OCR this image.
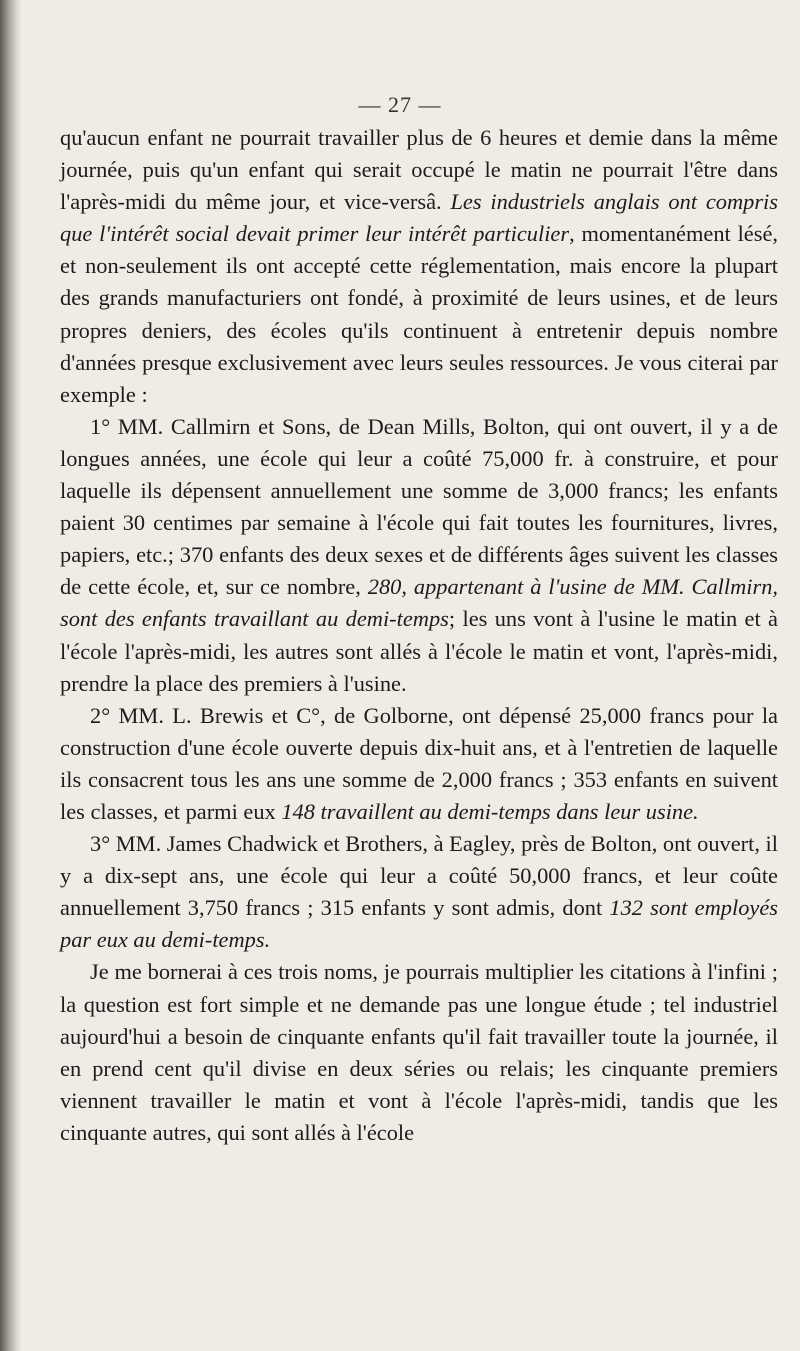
— 27 —

qu'aucun enfant ne pourrait travailler plus de 6 heures et demie dans la même journée, puis qu'un enfant qui serait occupé le matin ne pourrait l'être dans l'après-midi du même jour, et vice-versâ. Les industriels anglais ont compris que l'intérêt social devait primer leur intérêt particulier, momentanément lésé, et non-seulement ils ont accepté cette réglementation, mais encore la plupart des grands manufacturiers ont fondé, à proximité de leurs usines, et de leurs propres deniers, des écoles qu'ils continuent à entretenir depuis nombre d'années presque exclusivement avec leurs seules ressources. Je vous citerai par exemple :

1° MM. Callmirn et Sons, de Dean Mills, Bolton, qui ont ouvert, il y a de longues années, une école qui leur a coûté 75,000 fr. à construire, et pour laquelle ils dépensent annuellement une somme de 3,000 francs; les enfants paient 30 centimes par semaine à l'école qui fait toutes les fournitures, livres, papiers, etc.; 370 enfants des deux sexes et de différents âges suivent les classes de cette école, et, sur ce nombre, 280, appartenant à l'usine de MM. Callmirn, sont des enfants travaillant au demi-temps; les uns vont à l'usine le matin et à l'école l'après-midi, les autres sont allés à l'école le matin et vont, l'après-midi, prendre la place des premiers à l'usine.

2° MM. L. Brewis et C°, de Golborne, ont dépensé 25,000 francs pour la construction d'une école ouverte depuis dix-huit ans, et à l'entretien de laquelle ils consacrent tous les ans une somme de 2,000 francs ; 353 enfants en suivent les classes, et parmi eux 148 travaillent au demi-temps dans leur usine.

3° MM. James Chadwick et Brothers, à Eagley, près de Bolton, ont ouvert, il y a dix-sept ans, une école qui leur a coûté 50,000 francs, et leur coûte annuellement 3,750 francs ; 315 enfants y sont admis, dont 132 sont employés par eux au demi-temps.

Je me bornerai à ces trois noms, je pourrais multiplier les citations à l'infini ; la question est fort simple et ne demande pas une longue étude ; tel industriel aujourd'hui a besoin de cinquante enfants qu'il fait travailler toute la journée, il en prend cent qu'il divise en deux séries ou relais; les cinquante premiers viennent travailler le matin et vont à l'école l'après-midi, tandis que les cinquante autres, qui sont allés à l'école
